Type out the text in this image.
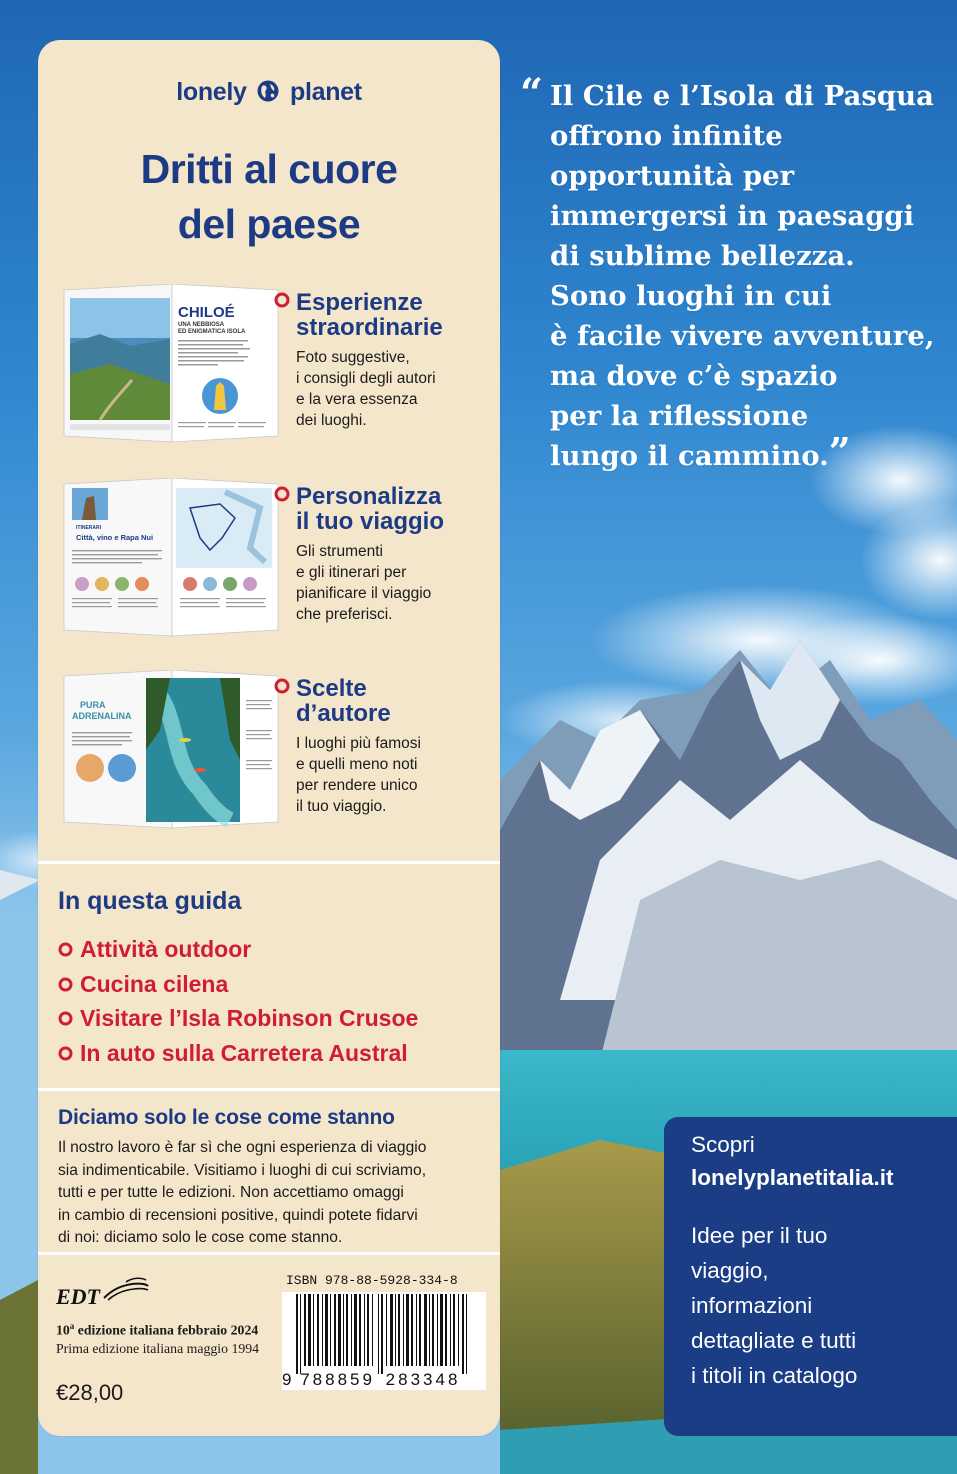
“ Il Cile e l’Isola di Pasqua
offrono infinite
opportunità per
immergersi in paesaggi
di sublime bellezza.
Sono luoghi in cui
è facile vivere avventure,
ma dove c’è spazio
per la riflessione
lungo il cammino.”

Scopri
lonelyplanetitalia.it
Idee per il tuo
viaggio,
informazioni
dettagliate e tutti
i titoli in catalogo
lonely planet
Dritti al cuore
del paese
CHILOÉ
UNA NEBBIOSA
ED ENIGMATICA ISOLA
Esperienze
straordinarie
Foto suggestive,
i consigli degli autori
e la vera essenza
dei luoghi.
ITINERARI
Città, vino e Rapa Nui
Personalizza
il tuo viaggio
Gli strumenti
e gli itinerari per
pianificare il viaggio
che preferisci.
PURA
ADRENALINA
Scelte
d’autore
I luoghi più famosi
e quelli meno noti
per rendere unico
il tuo viaggio.
In questa guida
Attività outdoor
Cucina cilena
Visitare l’Isla Robinson Crusoe
In auto sulla Carretera Austral
Diciamo solo le cose come stanno
Il nostro lavoro è far sì che ogni esperienza di viaggio
sia indimenticabile. Visitiamo i luoghi di cui scriviamo,
tutti e per tutte le edizioni. Non accettiamo omaggi
in cambio di recensioni positive, quindi potete fidarvi
di noi: diciamo solo le cose come stanno.
EDT
10$^a$ edizione italiana febbraio 2024
Prima edizione italiana maggio 1994
€28,00
ISBN 978-88-5928-334-8
9 788859 283348
